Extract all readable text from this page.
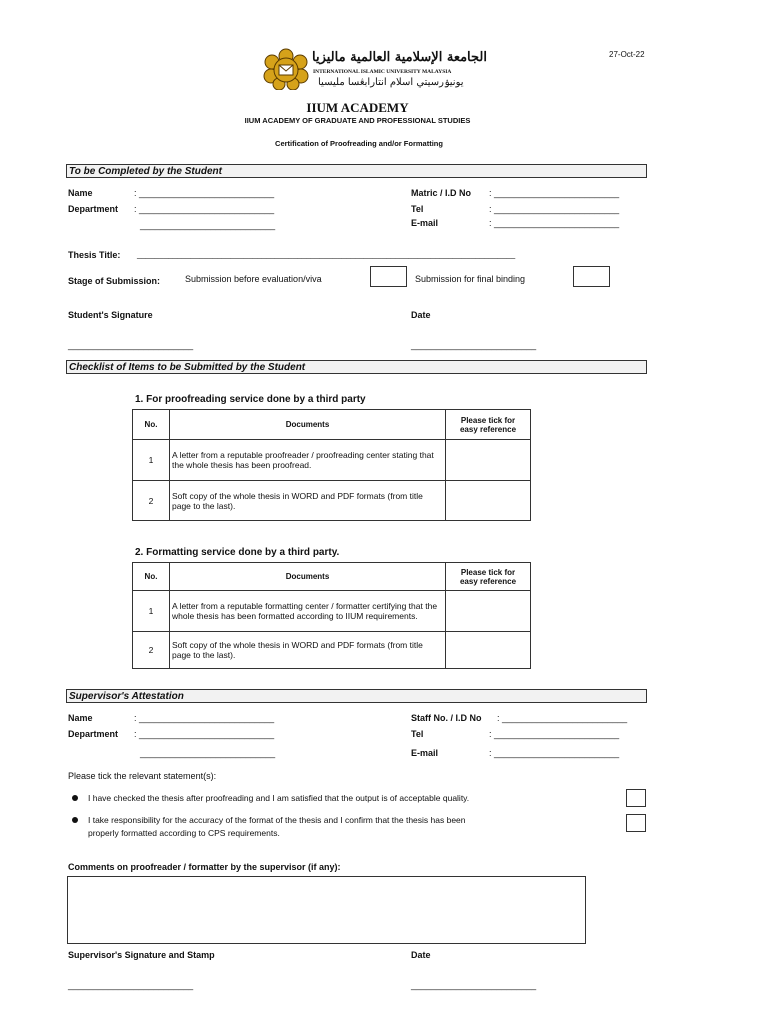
27-Oct-22
الجامعة الإسلامية العالمية ماليزيا
INTERNATIONAL ISLAMIC UNIVERSITY MALAYSIA
يونيۏرسيتي اسلام انتارابڠسا مليسيا
IIUM ACADEMY
IIUM ACADEMY OF GRADUATE AND PROFESSIONAL STUDIES
Certification of Proofreading and/or Formatting
To be Completed by the Student
Name	: ___________________________
Department : ___________________________
___________________________
Matric / I.D No : _________________________
Tel	: _________________________
E-mail	: _________________________
Thesis Title: _____________________________________________________________________________________
Stage of Submission:	Submission before evaluation/viva	Submission for final binding
Student's Signature	Date
_________________________	_________________________
Checklist of Items to be Submitted by the Student
1. For proofreading service done by a third party
No.	Documents	Please tick for
easy reference

1	A letter from a reputable proofreader / proofreading center stating that the whole thesis has been proofread.	
2	Soft copy of the whole thesis in WORD and PDF formats (from title page to the last).	
2. Formatting service done by a third party.
No.	Documents	Please tick for
easy reference

1	A letter from a reputable formatting center / formatter certifying that the whole thesis has been formatted according to IIUM requirements.	
2	Soft copy of the whole thesis in WORD and PDF formats (from title page to the last).	
Supervisor's Attestation
Name	: ___________________________
Department : ___________________________
___________________________
Staff No. / I.D No : _________________________
Tel	: _________________________
E-mail	: _________________________
Please tick the relevant statement(s):
I have checked the thesis after proofreading and I am satisfied that the output is of acceptable quality.
I take responsibility for the accuracy of the format of the thesis and I confirm that the thesis has been
properly formatted according to CPS requirements.
Comments on proofreader / formatter by the supervisor (if any):
Supervisor's Signature and Stamp	Date
_________________________	_________________________
